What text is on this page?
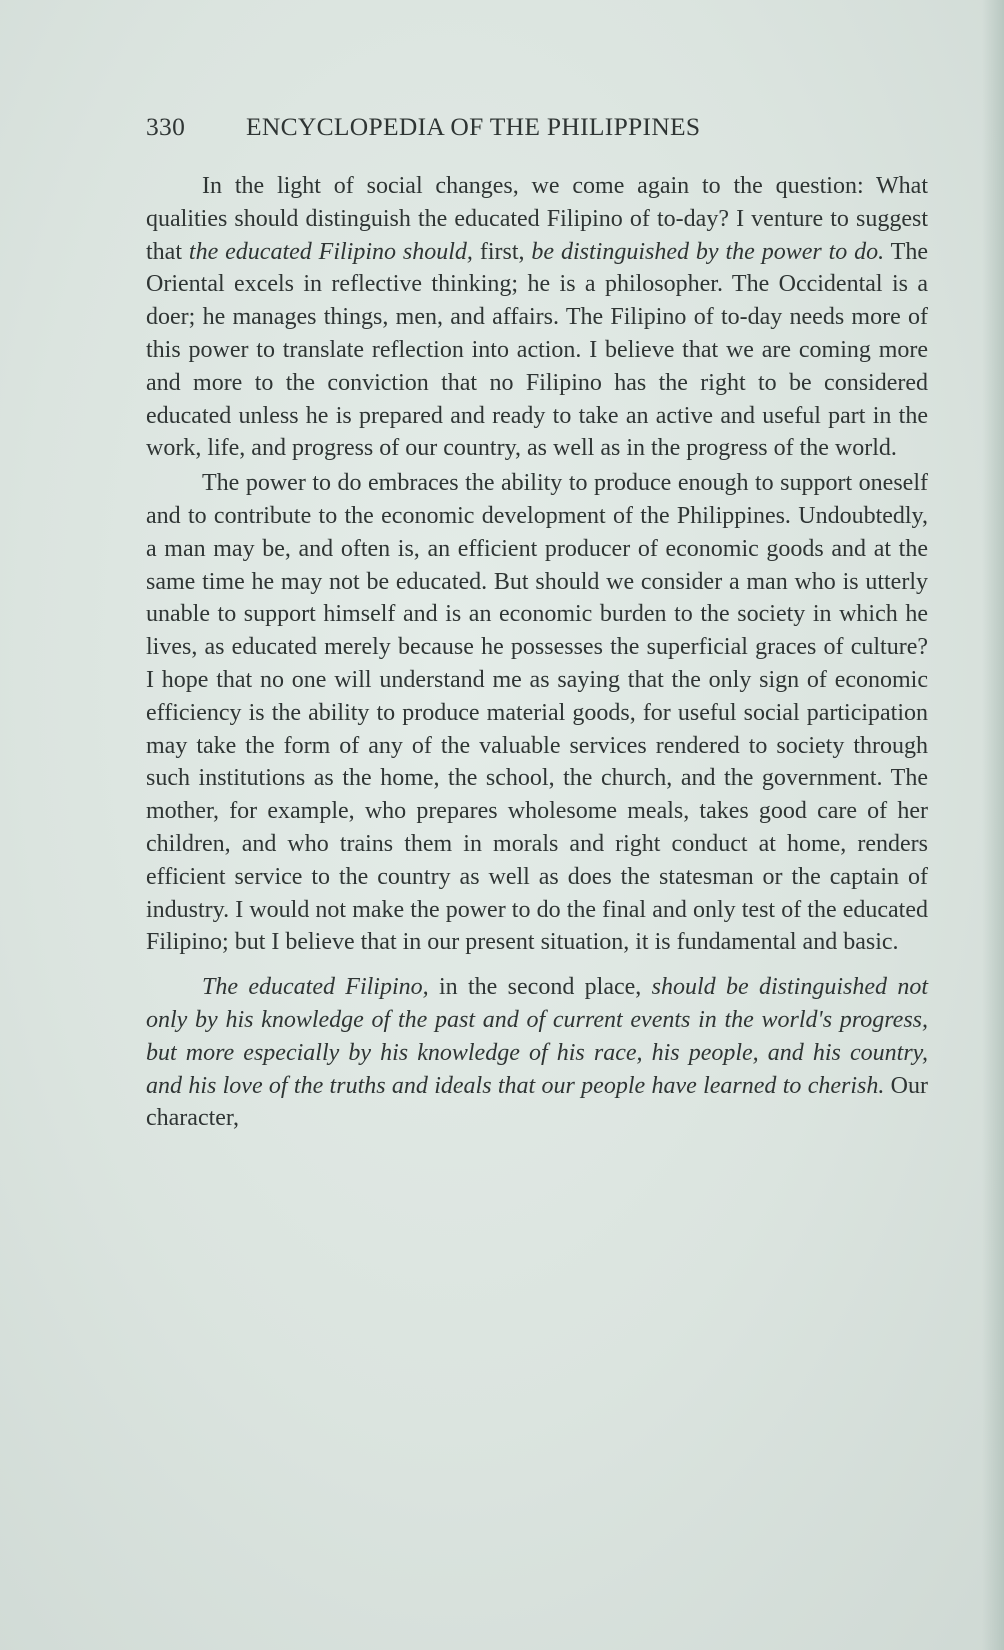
330 ENCYCLOPEDIA OF THE PHILIPPINES

In the light of social changes, we come again to the question: What qualities should distinguish the educated Filipino of to-day? I venture to suggest that the educated Filipino should, first, be distinguished by the power to do. The Oriental excels in reflective thinking; he is a philosopher. The Occidental is a doer; he manages things, men, and affairs. The Filipino of to-day needs more of this power to translate reflection into action. I believe that we are coming more and more to the conviction that no Filipino has the right to be considered educated unless he is prepared and ready to take an active and useful part in the work, life, and progress of our country, as well as in the progress of the world.

The power to do embraces the ability to produce enough to support oneself and to contribute to the economic development of the Philippines. Undoubtedly, a man may be, and often is, an efficient producer of economic goods and at the same time he may not be educated. But should we consider a man who is utterly unable to support himself and is an economic burden to the society in which he lives, as educated merely because he possesses the superficial graces of culture? I hope that no one will understand me as saying that the only sign of economic efficiency is the ability to produce material goods, for useful social participation may take the form of any of the valuable services rendered to society through such institutions as the home, the school, the church, and the government. The mother, for example, who prepares wholesome meals, takes good care of her children, and who trains them in morals and right conduct at home, renders efficient service to the country as well as does the statesman or the captain of industry. I would not make the power to do the final and only test of the educated Filipino; but I believe that in our present situation, it is fundamental and basic.

The educated Filipino, in the second place, should be distinguished not only by his knowledge of the past and of current events in the world's progress, but more especially by his knowledge of his race, his people, and his country, and his love of the truths and ideals that our people have learned to cherish. Our character,
